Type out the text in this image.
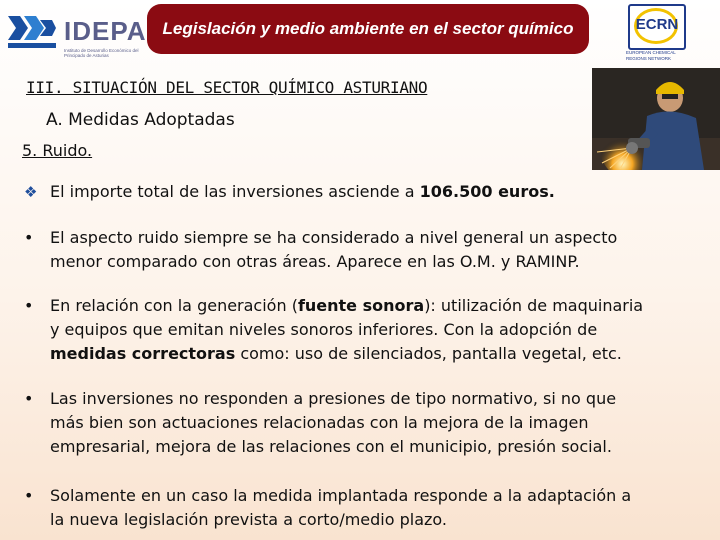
IDEPA
Instituto de Desarrollo Económico del Principado de Asturias
Legislación y medio ambiente en el sector químico	ECRN
EUROPEAN CHEMICAL REGIONS NETWORK
III. SITUACIÓN DEL SECTOR QUÍMICO ASTURIANO
A. Medidas Adoptadas
5. Ruido.
❖ El importe total de las inversiones asciende a 106.500 euros.
• El aspecto ruido siempre se ha considerado a nivel general un aspecto
menor comparado con otras áreas. Aparece en las O.M. y RAMINP.
• En relación con la generación (fuente sonora): utilización de maquinaria
y equipos que emitan niveles sonoros inferiores. Con la adopción de
medidas correctoras como: uso de silenciados, pantalla vegetal, etc.
• Las inversiones no responden a presiones de tipo normativo, si no que
más bien son actuaciones relacionadas con la mejora de la imagen
empresarial, mejora de las relaciones con el municipio, presión social.
• Solamente en un caso la medida implantada responde a la adaptación a
la nueva legislación prevista a corto/medio plazo.
